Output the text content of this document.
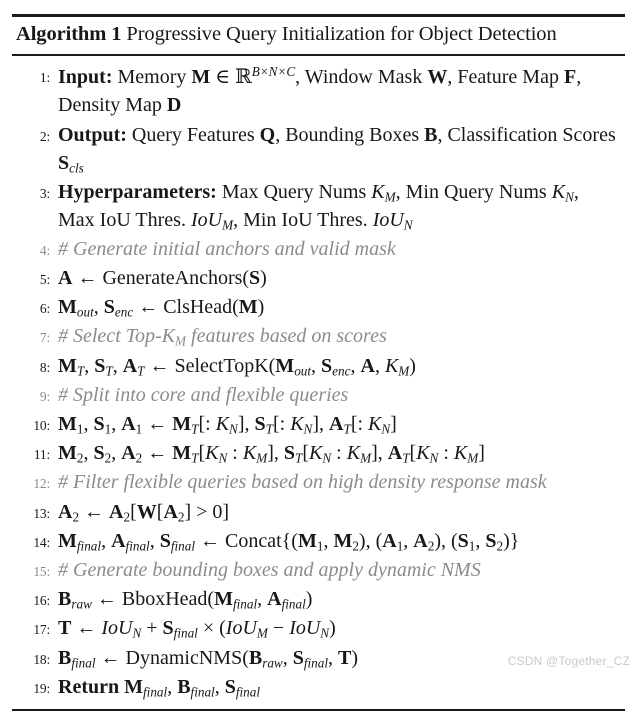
Algorithm 1 Progressive Query Initialization for Object Detection
1: Input: Memory M ∈ ℝ$^{B\times N\times C}$, Window Mask W, Feature Map F, Density Map D
2: Output: Query Features Q, Bounding Boxes B, Classification Scores $S_{cls}$
3: Hyperparameters: Max Query Nums $K_M$, Min Query Nums $K_N$, Max IoU Thres. IoU$_M$, Min IoU Thres. IoU$_N$
4: # Generate initial anchors and valid mask
5: A ← GenerateAnchors(S)
6: $M_{out}$, $S_{enc}$ ← ClsHead(M)
7: # Select Top-$K_M$ features based on scores
8: $M_T$, $S_T$, $A_T$ ← $SelectTopK(M_{out}$, $S_{enc}$, A, $K_M$)
9: # Split into core and flexible queries
10: $M_1$, $S_1$, $A_1$ ← $M_T$[: $K_N$], $S_T$[: $K_N$], $A_T$[: $K_N$]
11: $M_2$, $S_2$, $A_2$ ← $M_T[K_N$ : $K_M$], $S_T[K_N$ : $K_M$], $A_T[K_N$ : $K_M$]
12: # Filter flexible queries based on high density response mask
13: $A_2$ ← $A_2[W[A_2] > 0]$
14: $M_{final}$, $A_{final}$, $S_{final}$ ← $Concat\{(M_1$, $M_2$), ($A_1$, $A_2$), ($S_1$, $S_2$)}
15: # Generate bounding boxes and apply dynamic NMS
16: $B_{raw}$ ← $BboxHead(M_{final}$, $A_{final}$)
17: T ← $IoU_N + S_{final} \times (IoU_M - IoU_N)$
18: $B_{final}$ ← $DynamicNMS(B_{raw}$, $S_{final}$, T)
19: Return $M_{final}$, $B_{final}$, $S_{final}$
CSDN @Together_CZ
